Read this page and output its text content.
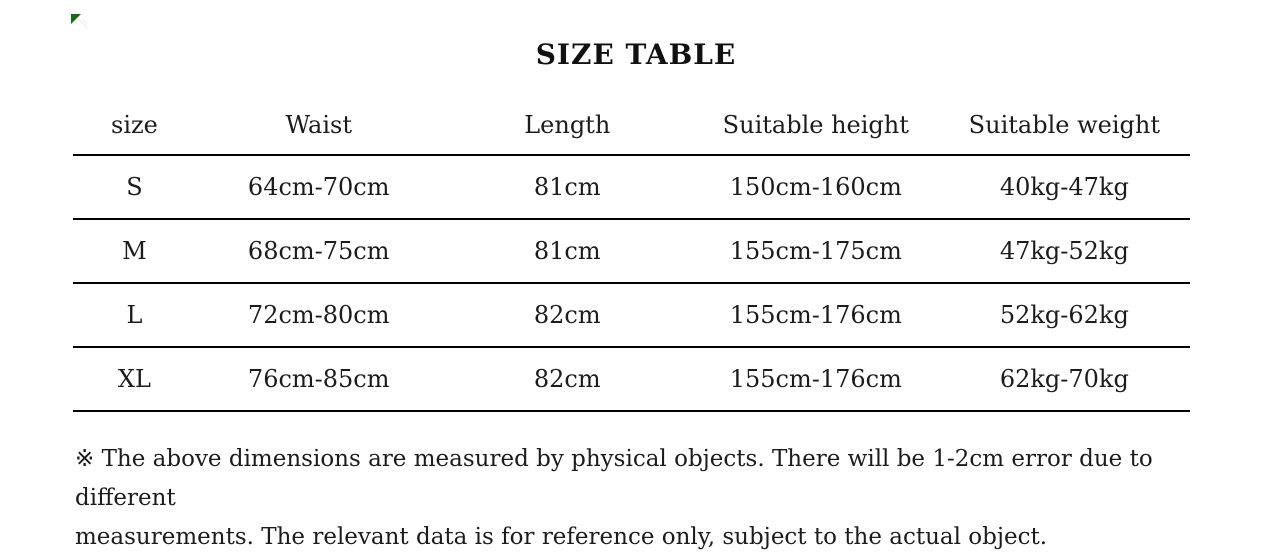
SIZE TABLE
size	Waist	Length	Suitable height	Suitable weight
S	64cm-70cm	81cm	150cm-160cm	40kg-47kg
M	68cm-75cm	81cm	155cm-175cm	47kg-52kg
L	72cm-80cm	82cm	155cm-176cm	52kg-62kg
XL	76cm-85cm	82cm	155cm-176cm	62kg-70kg
※ The above dimensions are measured by physical objects. There will be 1-2cm error due to different
measurements. The relevant data is for reference only, subject to the actual object.
